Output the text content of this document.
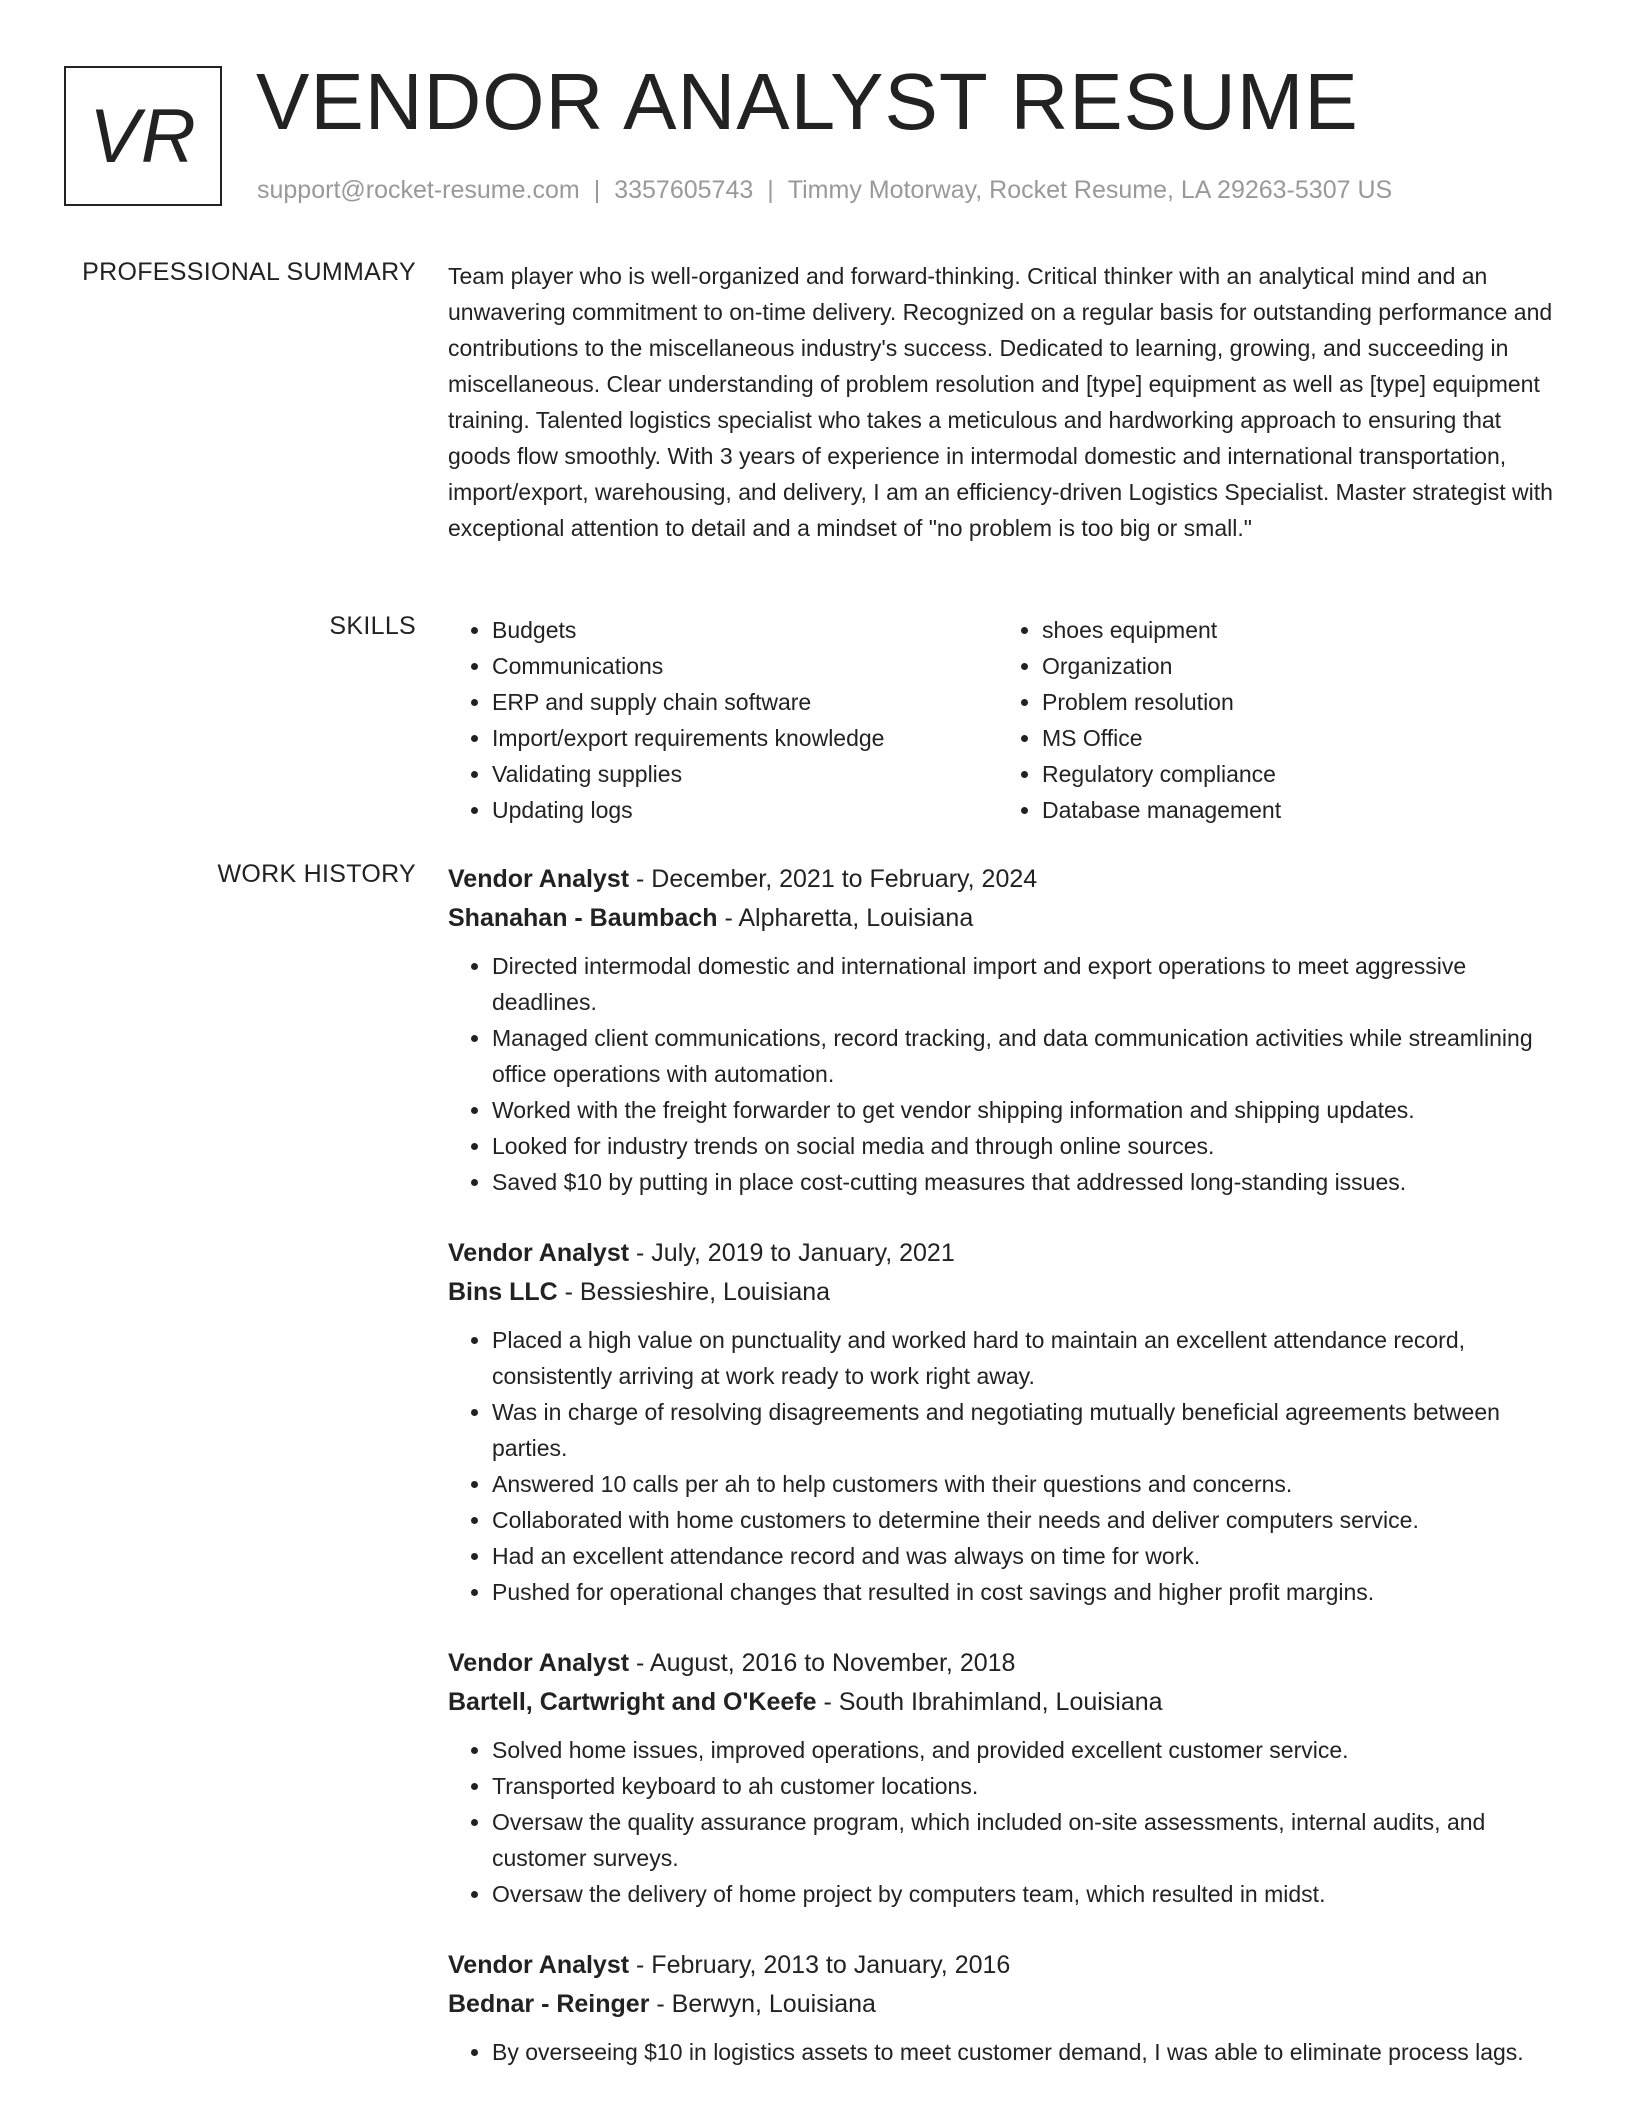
VR VENDOR ANALYST RESUME
support@rocket-resume.com | 3357605743 | Timmy Motorway, Rocket Resume, LA 29263-5307 US
PROFESSIONAL SUMMARY Team player who is well-organized and forward-thinking. Critical thinker with an analytical mind and an unwavering commitment to on-time delivery. Recognized on a regular basis for outstanding performance and contributions to the miscellaneous industry's success. Dedicated to learning, growing, and succeeding in miscellaneous. Clear understanding of problem resolution and [type] equipment as well as [type] equipment training. Talented logistics specialist who takes a meticulous and hardworking approach to ensuring that goods flow smoothly. With 3 years of experience in intermodal domestic and international transportation, import/export, warehousing, and delivery, I am an efficiency-driven Logistics Specialist. Master strategist with exceptional attention to detail and a mindset of "no problem is too big or small."

SKILLS
•	Budgets
• Communications
• ERP and supply chain software
• Import/export requirements knowledge
• Validating supplies
• Updating logs
• shoes equipment
• Organization
• Problem resolution
• MS Office
• Regulatory compliance
• Database management
WORK HISTORY Vendor Analyst - December, 2021 to February, 2024
Shanahan - Baumbach - Alpharetta, Louisiana
• Directed intermodal domestic and international import and export operations to meet aggressive deadlines.
• Managed client communications, record tracking, and data communication activities while streamlining office operations with automation.
• Worked with the freight forwarder to get vendor shipping information and shipping updates.
• Looked for industry trends on social media and through online sources.
• Saved $10 by putting in place cost-cutting measures that addressed long-standing issues.
Vendor Analyst - July, 2019 to January, 2021
Bins LLC - Bessieshire, Louisiana
• Placed a high value on punctuality and worked hard to maintain an excellent attendance record, consistently arriving at work ready to work right away.
• Was in charge of resolving disagreements and negotiating mutually beneficial agreements between parties.
• Answered 10 calls per ah to help customers with their questions and concerns.
• Collaborated with home customers to determine their needs and deliver computers service.
• Had an excellent attendance record and was always on time for work.
• Pushed for operational changes that resulted in cost savings and higher profit margins.
Vendor Analyst - August, 2016 to November, 2018
Bartell, Cartwright and O'Keefe - South Ibrahimland, Louisiana
• Solved home issues, improved operations, and provided excellent customer service.
• Transported keyboard to ah customer locations.
• Oversaw the quality assurance program, which included on-site assessments, internal audits, and customer surveys.
• Oversaw the delivery of home project by computers team, which resulted in midst.
Vendor Analyst - February, 2013 to January, 2016
Bednar - Reinger - Berwyn, Louisiana
• By overseeing $10 in logistics assets to meet customer demand, I was able to eliminate process lags.
